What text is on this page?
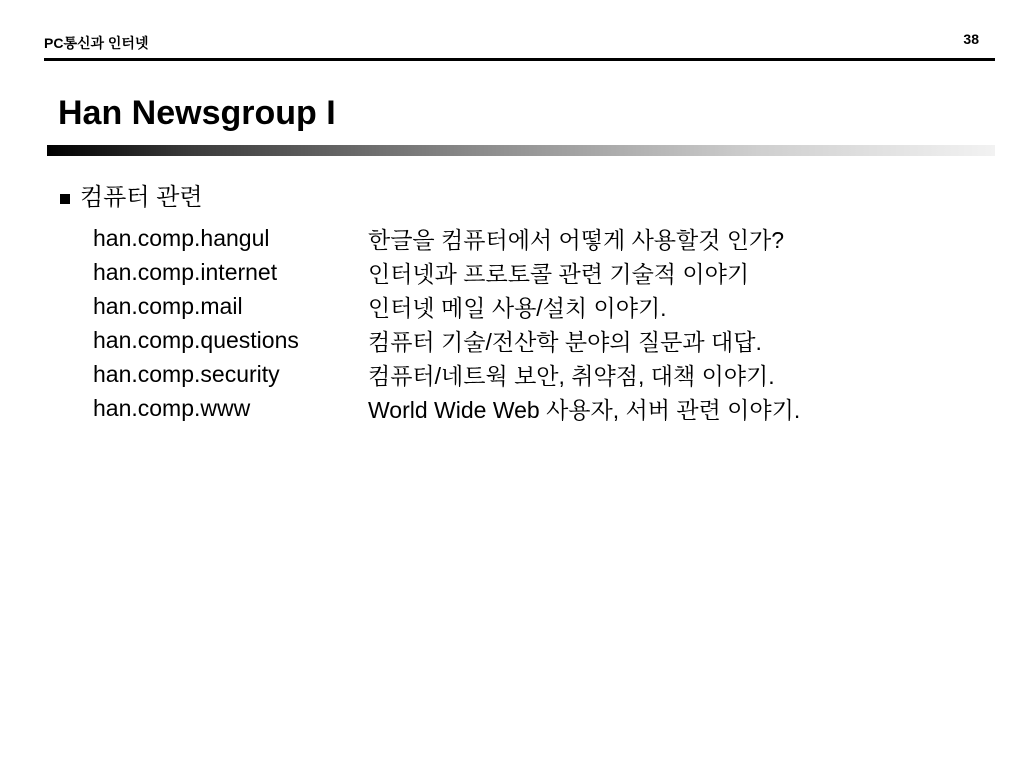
PC통신과 인터넷	38
Han Newsgroup I
컴퓨터 관련
han.comp.hangul	한글을 컴퓨터에서 어떻게 사용할것 인가?
han.comp.internet	인터넷과 프로토콜 관련 기술적 이야기
han.comp.mail	인터넷 메일 사용/설치 이야기.
han.comp.questions	컴퓨터 기술/전산학 분야의 질문과 대답.
han.comp.security	컴퓨터/네트웍 보안, 취약점, 대책 이야기.
han.comp.www	World Wide Web 사용자, 서버 관련 이야기.
